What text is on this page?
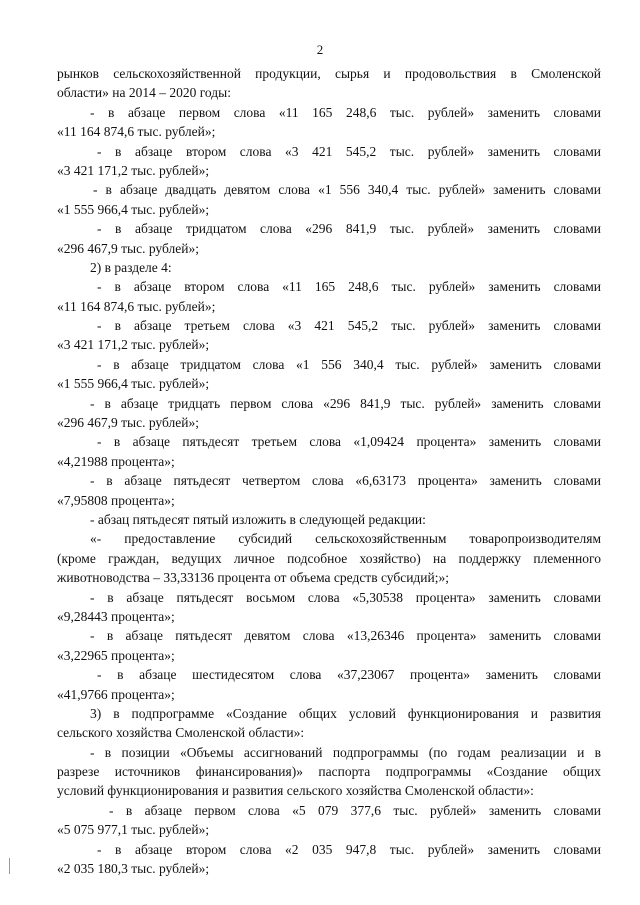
2
рынков сельскохозяйственной продукции, сырья и продовольствия в Смоленской
области» на 2014 – 2020 годы:
- в абзаце первом слова «11 165 248,6 тыс. рублей» заменить словами
«11 164 874,6 тыс. рублей»;
- в абзаце втором слова «3 421 545,2 тыс. рублей» заменить словами
«3 421 171,2 тыс. рублей»;
- в абзаце двадцать девятом слова «1 556 340,4 тыс. рублей» заменить словами
«1 555 966,4 тыс. рублей»;
- в абзаце тридцатом слова «296 841,9 тыс. рублей» заменить словами
«296 467,9 тыс. рублей»;
2) в разделе 4:
- в абзаце втором слова «11 165 248,6 тыс. рублей» заменить словами
«11 164 874,6 тыс. рублей»;
- в абзаце третьем слова «3 421 545,2 тыс. рублей» заменить словами
«3 421 171,2 тыс. рублей»;
- в абзаце тридцатом слова «1 556 340,4 тыс. рублей» заменить словами
«1 555 966,4 тыс. рублей»;
- в абзаце тридцать первом слова «296 841,9 тыс. рублей» заменить словами
«296 467,9 тыс. рублей»;
- в абзаце пятьдесят третьем слова «1,09424 процента» заменить словами
«4,21988 процента»;
- в абзаце пятьдесят четвертом слова «6,63173 процента» заменить словами
«7,95808 процента»;
- абзац пятьдесят пятый изложить в следующей редакции:
«- предоставление субсидий сельскохозяйственным товаропроизводителям
(кроме граждан, ведущих личное подсобное хозяйство) на поддержку племенного
животноводства – 33,33136 процента от объема средств субсидий;»;
- в абзаце пятьдесят восьмом слова «5,30538 процента» заменить словами
«9,28443 процента»;
- в абзаце пятьдесят девятом слова «13,26346 процента» заменить словами
«3,22965 процента»;
- в абзаце шестидесятом слова «37,23067 процента» заменить словами
«41,9766 процента»;
3) в подпрограмме «Создание общих условий функционирования и развития
сельского хозяйства Смоленской области»:
- в позиции «Объемы ассигнований подпрограммы (по годам реализации и в
разрезе источников финансирования)» паспорта подпрограммы «Создание общих
условий функционирования и развития сельского хозяйства Смоленской области»:
- в абзаце первом слова «5 079 377,6 тыс. рублей» заменить словами
«5 075 977,1 тыс. рублей»;
- в абзаце втором слова «2 035 947,8 тыс. рублей» заменить словами
«2 035 180,3 тыс. рублей»;
